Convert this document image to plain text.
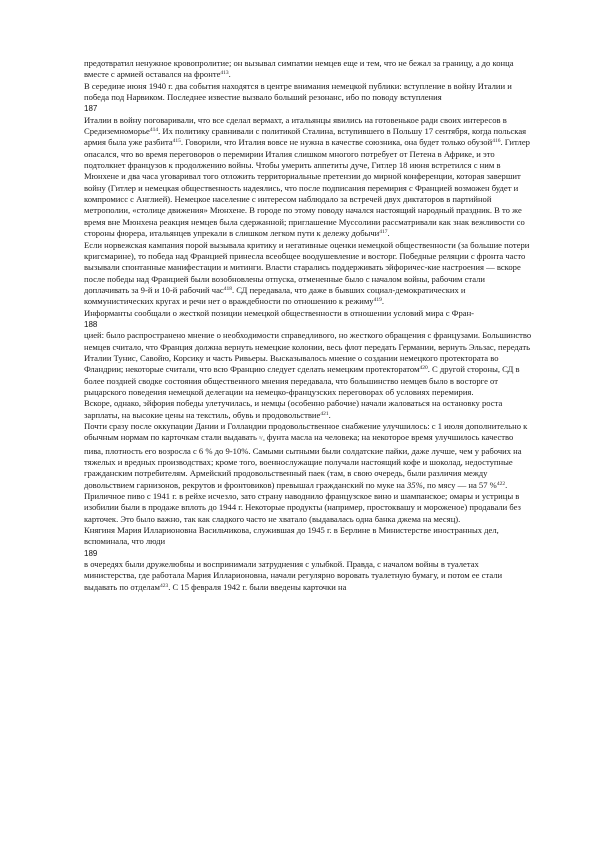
предотвратил ненужное кровопролитие; он вызывал симпатии немцев еще и тем, что не бежал за границу, а до конца вместе с армией оставался на фронте$^{413}$.

В середине июня 1940 г. два события находятся в центре внимания немецкой публики: вступление в войну Италии и победа под Нарвиком. Последнее известие вызвало больший резонанс, ибо по поводу вступления

187

Италии в войну поговаривали, что все сделал вермахт, а итальянцы явились на готовенькое ради своих интересов в Средиземноморье$^{414}$. Их политику сравнивали с политикой Сталина, вступившего в Польшу 17 сентября, когда польская армия была уже разбита$^{415}$. Говорили, что Италия вовсе не нужна в качестве союзника, она будет только обузой$^{416}$. Гитлер опасался, что во время переговоров о перемирии Италия слишком многого потребует от Петена в Африке, и это подтолкнет французов к продолжению войны. Чтобы умерить аппетиты дуче, Гитлер 18 июня встретился с ним в Мюнхене и два часа уговаривал того отложить территориальные претензии до мирной конференции, которая завершит войну (Гитлер и немецкая общественность надеялись, что после подписания перемирия с Францией возможен будет и компромисс с Англией). Немецкое население с интересом наблюдало за встречей двух диктаторов в партийной метрополии, «столице движения» Мюнхене. В городе по этому поводу начался настоящий народный праздник. В то же время вне Мюнхена реакция немцев была сдержанной; приглашение Муссолини рассматривали как знак вежливости со стороны фюрера, итальянцев упрекали в слишком легком пути к дележу добычи$^{417}$.

Если норвежская кампания порой вызывала критику и негативные оценки немецкой общественности (за большие потери кригсмарине), то победа над Францией принесла всеобщее воодушевление и восторг. Победные реляции с фронта часто вызывали спонтанные манифестации и митинги. Власти старались поддерживать эйфоричес-кие настроения — вскоре после победы над Францией были возобновлены отпуска, отмененные было с началом войны, рабочим стали доплачивать за 9-й и 10-й рабочий час$^{418}$. СД передавала, что даже в бывших социал-демократических и коммунистических кругах и речи нет о враждебности по отношению к режиму$^{419}$.

Информанты сообщали о жесткой позиции немецкой общественности в отношении условий мира с Фран-

188

цией: было распространено мнение о необходимости справедливого, но жесткого обращения с французами. Большинство немцев считало, что Франция должна вернуть немецкие колонии, весь флот передать Германии, вернуть Эльзас, передать Италии Тунис, Савойю, Корсику и часть Ривьеры. Высказывалось мнение о создании немецкого протектората во Фландрии; некоторые считали, что всю Францию следует сделать немецким протекторатом$^{420}$. С другой стороны, СД в более поздней сводке состояния общественного мнения передавала, что большинство немцев было в восторге от рыцарского поведения немецкой делегации на немецко-французских переговорах об условиях перемирия.

Вскоре, однако, эйфория победы улетучилась, и немцы (особенно рабочие) начали жаловаться на остановку роста зарплаты, на высокие цены на текстиль, обувь и продовольствие$^{421}$.

Почти сразу после оккупации Дании и Голландии продовольственное снабжение улучшилось: с 1 июля дополнительно к обычным нормам по карточкам стали выдавать ¹/₄ фунта масла на человека; на некоторое время улучшилось качество пива, плотность его возросла с 6 % до 9-10%. Самыми сытными были солдатские пайки, даже лучше, чем у рабочих на тяжелых и вредных производствах; кроме того, военнослужащие получали настоящий кофе и шоколад, недоступные гражданским потребителям. Армейский продовольственный паек (там, в свою очередь, были различия между довольствием гарнизонов, рекрутов и фронтовиков) превышал гражданский по муке на 35%, по мясу — на 57 %$^{422}$. Приличное пиво с 1941 г. в рейхе исчезло, зато страну наводнило французское вино и шампанское; омары и устрицы в изобилии были в продаже вплоть до 1944 г. Некоторые продукты (например, простоквашу и мороженое) продавали без карточек. Это было важно, так как сладкого часто не хватало (выдавалась одна банка джема на месяц).

Княгиня Мария Илларионовна Васильчикова, служившая до 1945 г. в Берлине в Министерстве иностранных дел, вспоминала, что люди

189

в очередях были дружелюбны и воспринимали затруднения с улыбкой. Правда, с началом войны в туалетах министерства, где работала Мария Илларионовна, начали регулярно воровать туалетную бумагу, и потом ее стали выдавать по отделам$^{423}$. С 15 февраля 1942 г. были введены карточки на
